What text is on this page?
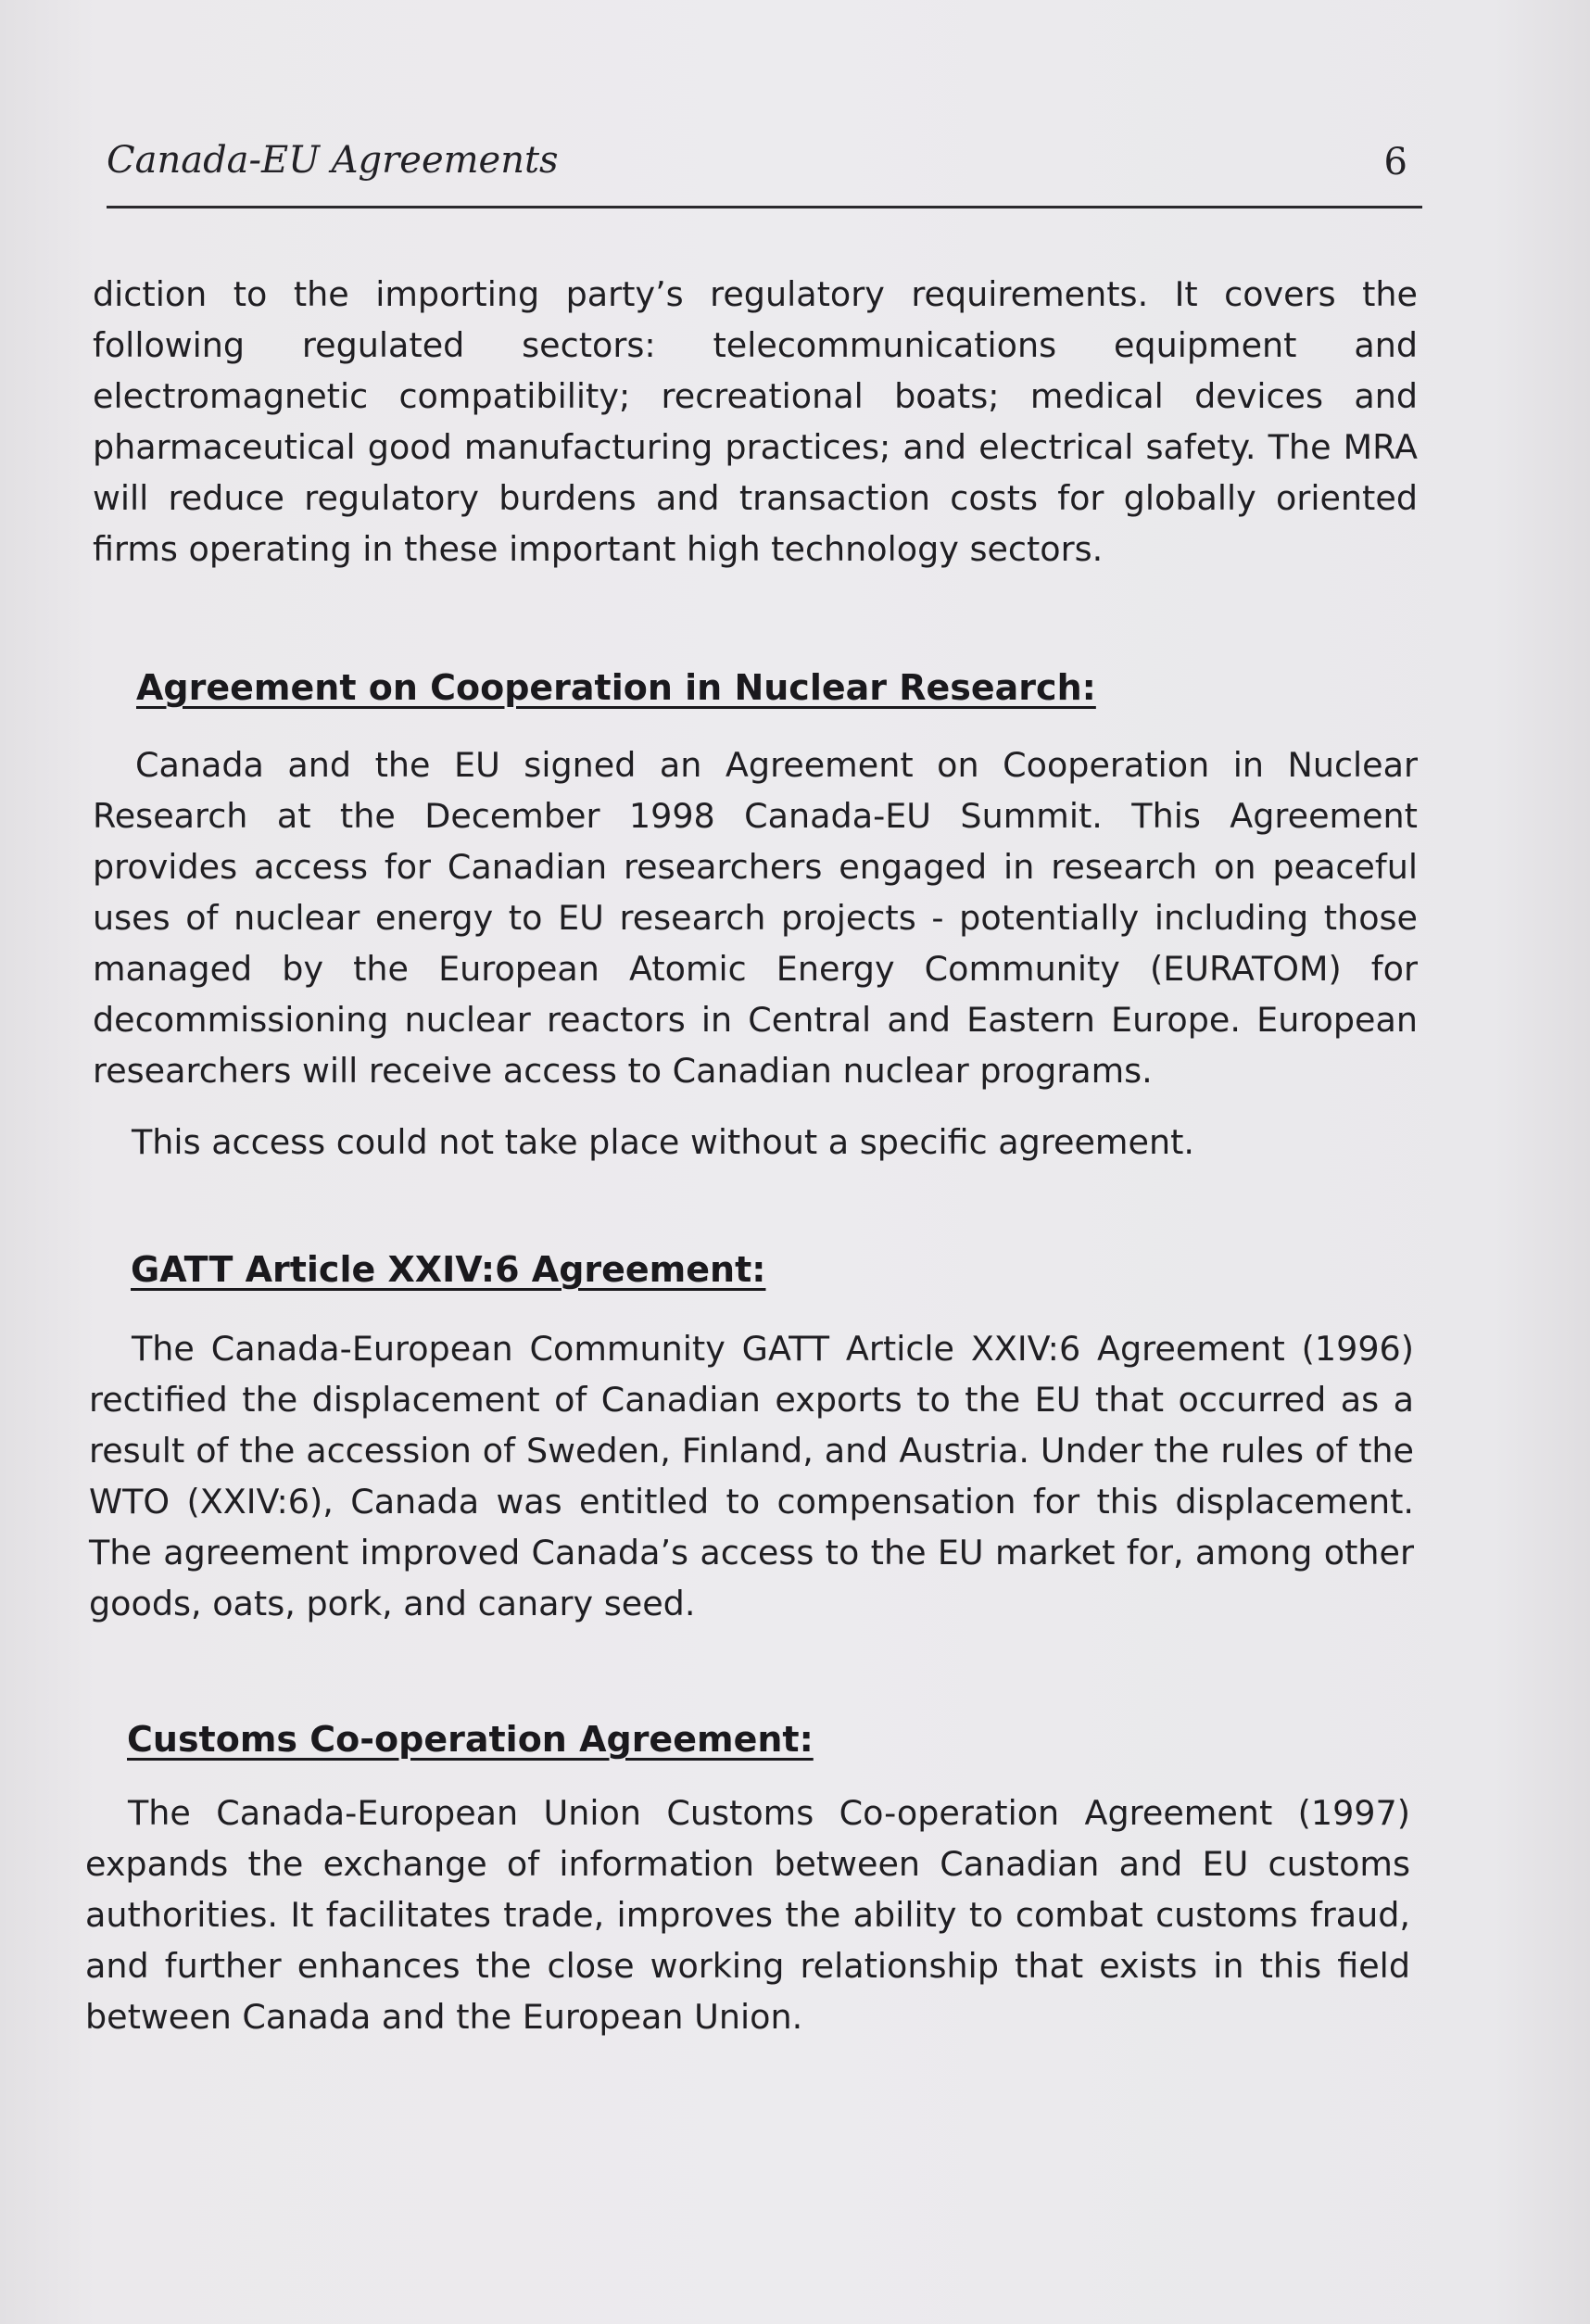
Canada-EU Agreements	6

diction to the importing party’s regulatory requirements. It covers the following regulated sectors: telecommunications equipment and electromagnetic compatibility; recreational boats; medical devices and pharmaceutical good manufacturing practices; and electrical safety. The MRA will reduce regulatory burdens and transaction costs for globally oriented firms operating in these important high technology sectors.

Agreement on Cooperation in Nuclear Research:

Canada and the EU signed an Agreement on Cooperation in Nuclear Research at the December 1998 Canada-EU Summit. This Agreement provides access for Canadian researchers engaged in research on peaceful uses of nuclear energy to EU research projects - potentially including those managed by the European Atomic Energy Community (EURATOM) for decommissioning nuclear reactors in Central and Eastern Europe. European researchers will receive access to Canadian nuclear programs.

This access could not take place without a specific agreement.

GATT Article XXIV:6 Agreement:

The Canada-European Community GATT Article XXIV:6 Agreement (1996) rectified the displacement of Canadian exports to the EU that occurred as a result of the accession of Sweden, Finland, and Austria. Under the rules of the WTO (XXIV:6), Canada was entitled to compensation for this displacement. The agreement improved Canada’s access to the EU market for, among other goods, oats, pork, and canary seed.

Customs Co-operation Agreement:

The Canada-European Union Customs Co-operation Agreement (1997) expands the exchange of information between Canadian and EU customs authorities. It facilitates trade, improves the ability to combat customs fraud, and further enhances the close working relationship that exists in this field between Canada and the European Union.
